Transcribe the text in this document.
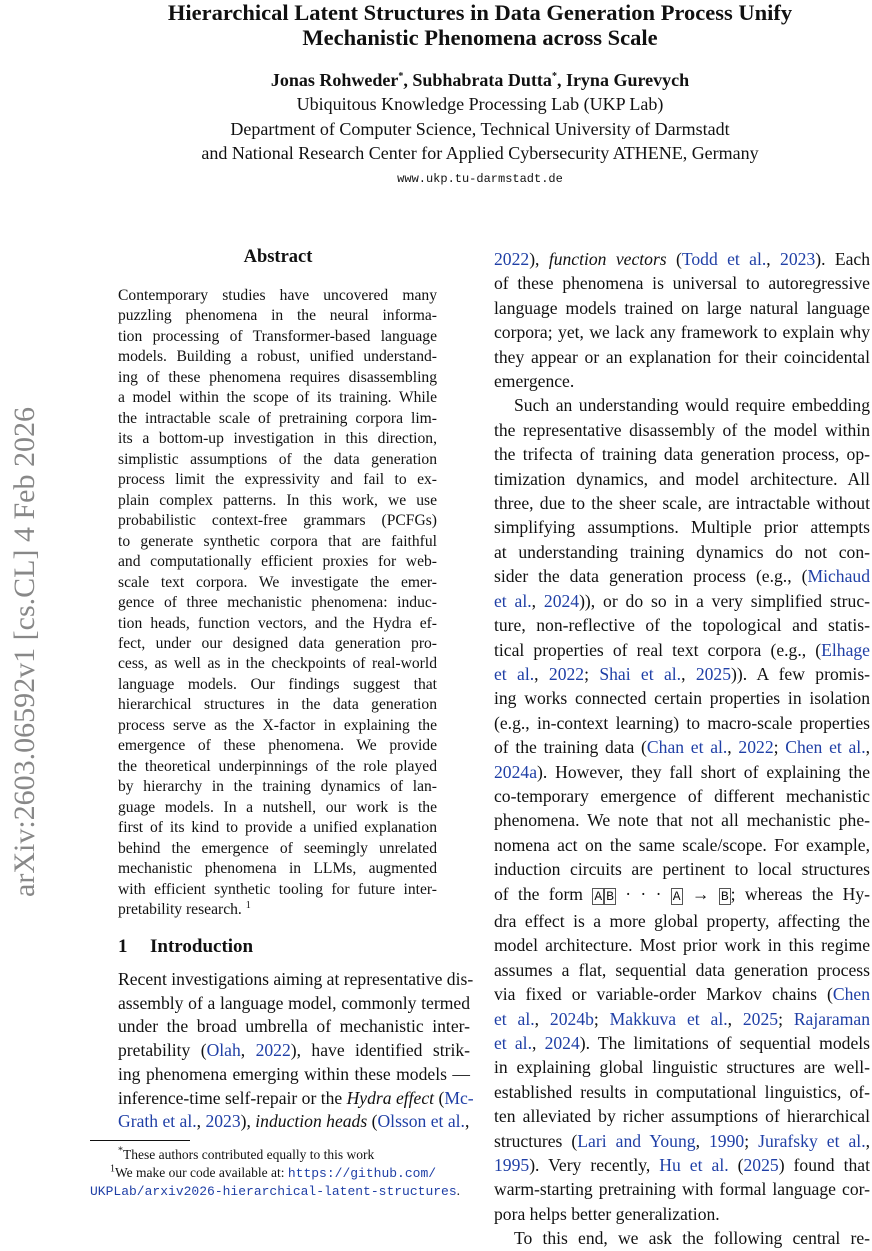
Hierarchical Latent Structures in Data Generation Process Unify
Mechanistic Phenomena across Scale
Jonas Rohweder*, Subhabrata Dutta*, Iryna Gurevych
Ubiquitous Knowledge Processing Lab (UKP Lab)
Department of Computer Science, Technical University of Darmstadt
and National Research Center for Applied Cybersecurity ATHENE, Germany
www.ukp.tu-darmstadt.de
arXiv:2603.06592v1 [cs.CL] 4 Feb 2026
Abstract
Contemporary studies have uncovered many
puzzling phenomena in the neural informa-
tion processing of Transformer-based language
models. Building a robust, unified understand-
ing of these phenomena requires disassembling
a model within the scope of its training. While
the intractable scale of pretraining corpora lim-
its a bottom-up investigation in this direction,
simplistic assumptions of the data generation
process limit the expressivity and fail to ex-
plain complex patterns. In this work, we use
probabilistic context-free grammars (PCFGs)
to generate synthetic corpora that are faithful
and computationally efficient proxies for web-
scale text corpora. We investigate the emer-
gence of three mechanistic phenomena: induc-
tion heads, function vectors, and the Hydra ef-
fect, under our designed data generation pro-
cess, as well as in the checkpoints of real-world
language models. Our findings suggest that
hierarchical structures in the data generation
process serve as the X-factor in explaining the
emergence of these phenomena. We provide
the theoretical underpinnings of the role played
by hierarchy in the training dynamics of lan-
guage models. In a nutshell, our work is the
first of its kind to provide a unified explanation
behind the emergence of seemingly unrelated
mechanistic phenomena in LLMs, augmented
with efficient synthetic tooling for future inter-
pretability research. $^1$
1 Introduction
Recent investigations aiming at representative dis-
assembly of a language model, commonly termed
under the broad umbrella of mechanistic inter-
pretability (Olah, 2022), have identified strik-
ing phenomena emerging within these models —
inference-time self-repair or the Hydra effect (Mc-
Grath et al., 2023), induction heads (Olsson et al.,
2022), function vectors (Todd et al., 2023). Each
of these phenomena is universal to autoregressive
language models trained on large natural language
corpora; yet, we lack any framework to explain why
they appear or an explanation for their coincidental
emergence.
Such an understanding would require embedding
the representative disassembly of the model within
the trifecta of training data generation process, op-
timization dynamics, and model architecture. All
three, due to the sheer scale, are intractable without
simplifying assumptions. Multiple prior attempts
at understanding training dynamics do not con-
sider the data generation process (e.g., (Michaud
et al., 2024)), or do so in a very simplified struc-
ture, non-reflective of the topological and statis-
tical properties of real text corpora (e.g., (Elhage
et al., 2022; Shai et al., 2025)). A few promis-
ing works connected certain properties in isolation
(e.g., in-context learning) to macro-scale properties
of the training data (Chan et al., 2022; Chen et al.,
2024a). However, they fall short of explaining the
co-temporary emergence of different mechanistic
phenomena. We note that not all mechanistic phe-
nomena act on the same scale/scope. For example,
induction circuits are pertinent to local structures
of the form A B · · · A → B ; whereas the Hy-
dra effect is a more global property, affecting the
model architecture. Most prior work in this regime
assumes a flat, sequential data generation process
via fixed or variable-order Markov chains (Chen
et al., 2024b; Makkuva et al., 2025; Rajaraman
et al., 2024). The limitations of sequential models
in explaining global linguistic structures are well-
established results in computational linguistics, of-
ten alleviated by richer assumptions of hierarchical
structures (Lari and Young, 1990; Jurafsky et al.,
1995). Very recently, Hu et al. (2025) found that
warm-starting pretraining with formal language cor-
pora helps better generalization.
To this end, we ask the following central re-
*These authors contributed equally to this work
$^1$We make our code available at: https://github.com/
UKPLab/arxiv2026-hierarchical-latent-structures.
